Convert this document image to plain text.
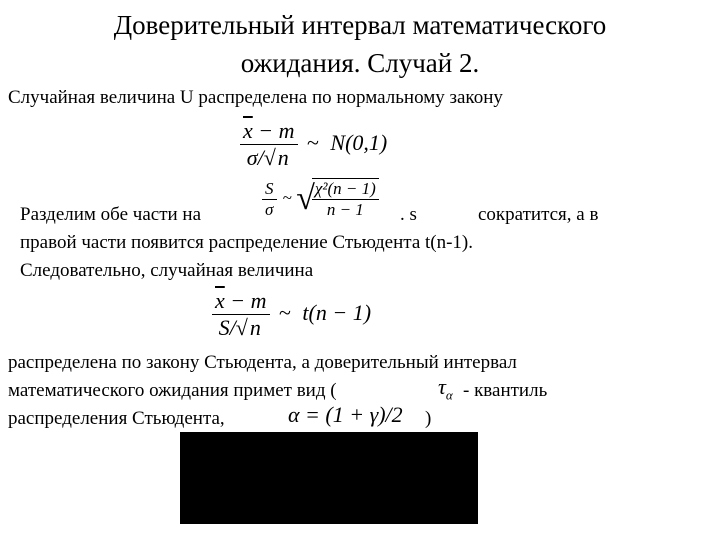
Доверительный интервал математического
ожидания. Случай 2.
Случайная величина U распределена по нормальному закону
$\frac{\overline{x} - m}{\sigma/√n}$ ~ N(0,1)
Разделим обе части на	$\frac{S}{\sigma}$ ~ √
$\frac{\text{χ²(n − 1)}}{n - 1}$ . s	сократится, а в
правой части появится распределение Стьюдента t(n-1).
Следовательно, случайная величина
$\frac{\overline{x} - m}{S/√n}$ ~ t(n − 1)
распределена по закону Стьюдента, а доверительный интервал
математического ожидания примет вид (	$\tau_\alpha$ - квантиль
распределения Стьюдента,	α = (1 + γ)/2 )
